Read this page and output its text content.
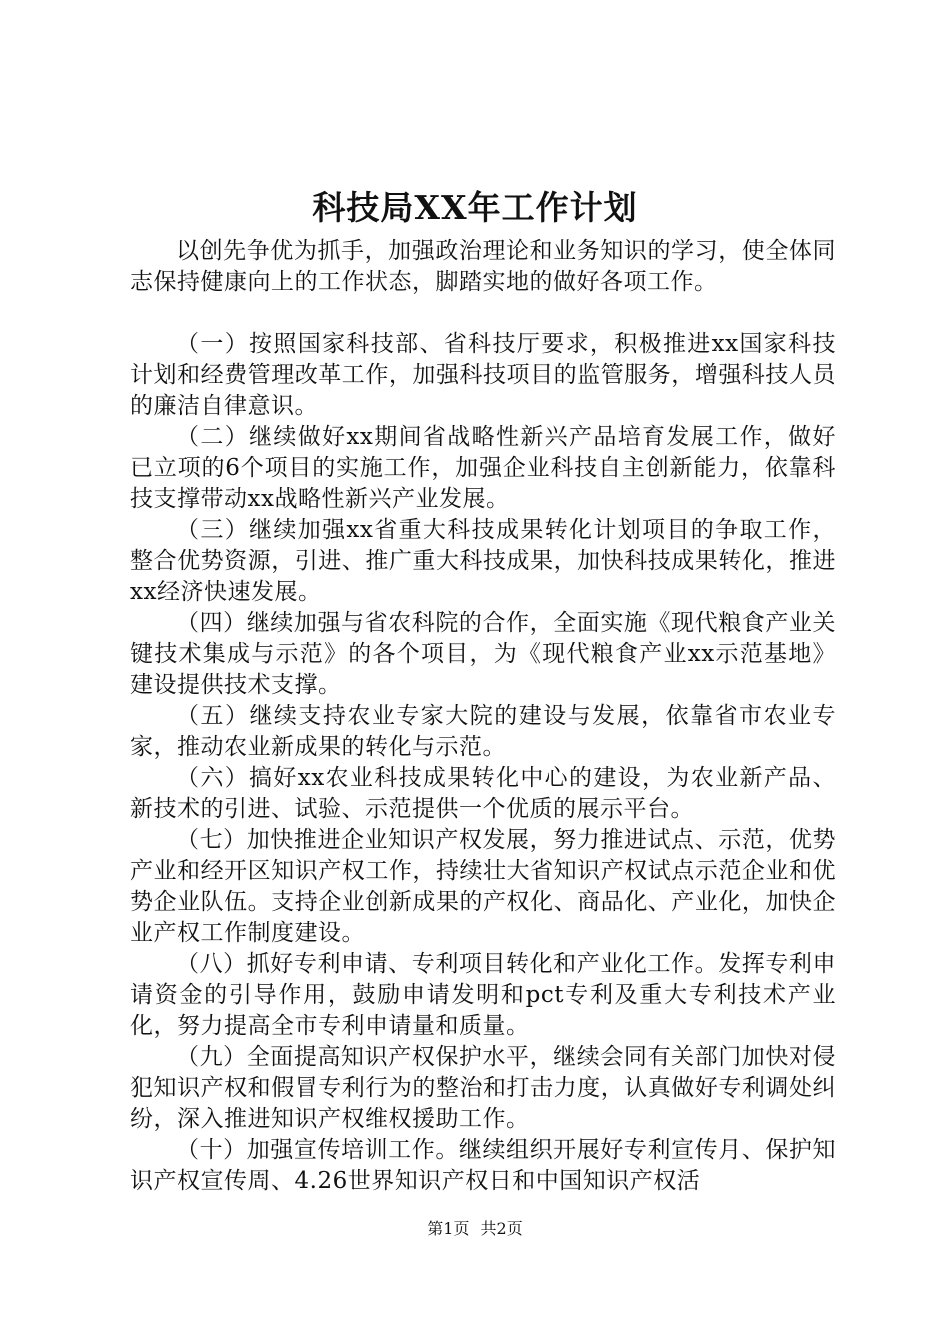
科技局XX年工作计划

以创先争优为抓手，加强政治理论和业务知识的学习，使全体同志保持健康向上的工作状态，脚踏实地的做好各项工作。

（一）按照国家科技部、省科技厅要求，积极推进xx国家科技计划和经费管理改革工作，加强科技项目的监管服务，增强科技人员的廉洁自律意识。

（二）继续做好xx期间省战略性新兴产品培育发展工作，做好已立项的6个项目的实施工作，加强企业科技自主创新能力，依靠科技支撑带动xx战略性新兴产业发展。

（三）继续加强xx省重大科技成果转化计划项目的争取工作，整合优势资源，引进、推广重大科技成果，加快科技成果转化，推进xx经济快速发展。

（四）继续加强与省农科院的合作，全面实施《现代粮食产业关键技术集成与示范》的各个项目，为《现代粮食产业xx示范基地》建设提供技术支撑。

（五）继续支持农业专家大院的建设与发展，依靠省市农业专家，推动农业新成果的转化与示范。

（六）搞好xx农业科技成果转化中心的建设，为农业新产品、新技术的引进、试验、示范提供一个优质的展示平台。

（七）加快推进企业知识产权发展，努力推进试点、示范，优势产业和经开区知识产权工作，持续壮大省知识产权试点示范企业和优势企业队伍。支持企业创新成果的产权化、商品化、产业化，加快企业产权工作制度建设。

（八）抓好专利申请、专利项目转化和产业化工作。发挥专利申请资金的引导作用，鼓励申请发明和pct专利及重大专利技术产业化，努力提高全市专利申请量和质量。

（九）全面提高知识产权保护水平，继续会同有关部门加快对侵犯知识产权和假冒专利行为的整治和打击力度，认真做好专利调处纠纷，深入推进知识产权维权援助工作。

（十）加强宣传培训工作。继续组织开展好专利宣传月、保护知识产权宣传周、4.26世界知识产权日和中国知识产权活

第1页 共2页
